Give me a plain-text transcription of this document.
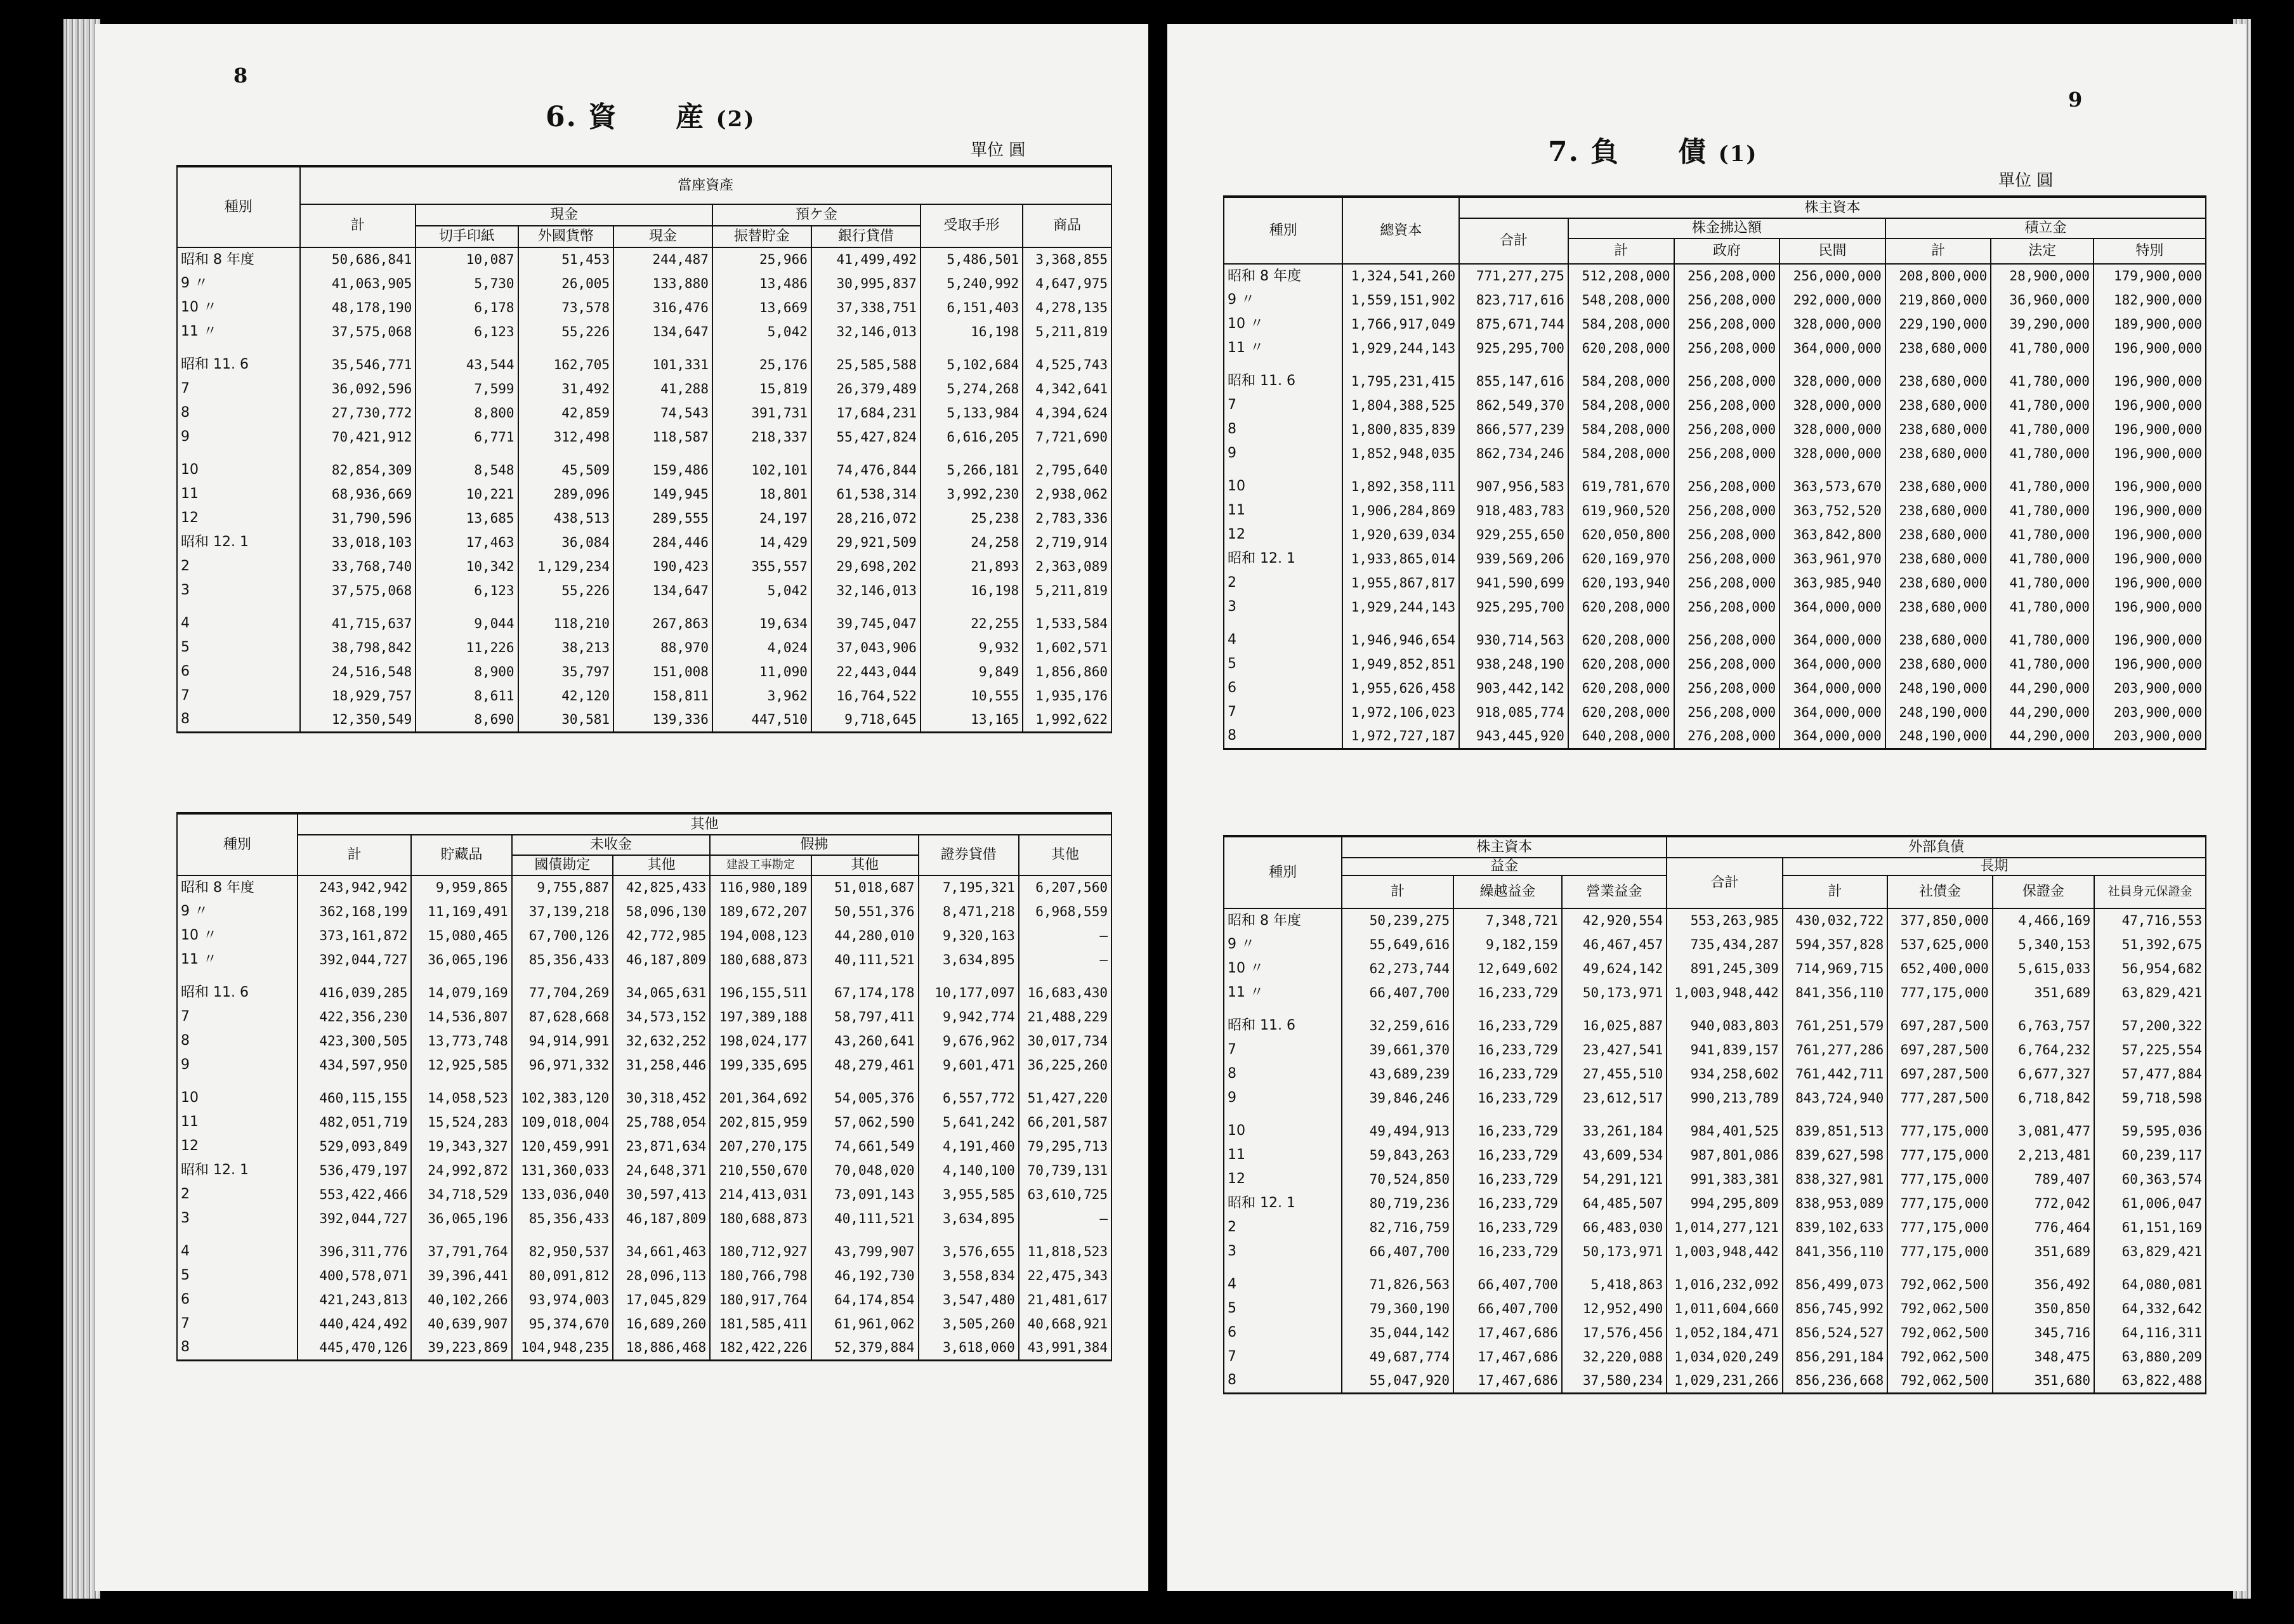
8
6. 資　　産 (2)
單位 圓
種別	當座資產							
	計	現金			預ケ金		受取手形	商品
		切手印紙	外國貨幣	現金	振替貯金	銀行貸借		
昭和 8 年度	50,686,841	10,087	51,453	244,487	25,966	41,499,492	5,486,501	3,368,855
9 〃	41,063,905	5,730	26,005	133,880	13,486	30,995,837	5,240,992	4,647,975
10 〃	48,178,190	6,178	73,578	316,476	13,669	37,338,751	6,151,403	4,278,135
11 〃	37,575,068	6,123	55,226	134,647	5,042	32,146,013	16,198	5,211,819

昭和 11. 6	35,546,771	43,544	162,705	101,331	25,176	25,585,588	5,102,684	4,525,743
7	36,092,596	7,599	31,492	41,288	15,819	26,379,489	5,274,268	4,342,641
8	27,730,772	8,800	42,859	74,543	391,731	17,684,231	5,133,984	4,394,624
9	70,421,912	6,771	312,498	118,587	218,337	55,427,824	6,616,205	7,721,690

10	82,854,309	8,548	45,509	159,486	102,101	74,476,844	5,266,181	2,795,640
11	68,936,669	10,221	289,096	149,945	18,801	61,538,314	3,992,230	2,938,062
12	31,790,596	13,685	438,513	289,555	24,197	28,216,072	25,238	2,783,336
昭和 12. 1	33,018,103	17,463	36,084	284,446	14,429	29,921,509	24,258	2,719,914
2	33,768,740	10,342	1,129,234	190,423	355,557	29,698,202	21,893	2,363,089
3	37,575,068	6,123	55,226	134,647	5,042	32,146,013	16,198	5,211,819

4	41,715,637	9,044	118,210	267,863	19,634	39,745,047	22,255	1,533,584
5	38,798,842	11,226	38,213	88,970	4,024	37,043,906	9,932	1,602,571
6	24,516,548	8,900	35,797	151,008	11,090	22,443,044	9,849	1,856,860
7	18,929,757	8,611	42,120	158,811	3,962	16,764,522	10,555	1,935,176
8	12,350,549	8,690	30,581	139,336	447,510	9,718,645	13,165	1,992,622
種別	其他							
	計	貯藏品	未收金		假拂		證券貸借	其他
			國債勘定	其他	建設工事勘定	其他		
昭和 8 年度	243,942,942	9,959,865	9,755,887	42,825,433	116,980,189	51,018,687	7,195,321	6,207,560
9 〃	362,168,199	11,169,491	37,139,218	58,096,130	189,672,207	50,551,376	8,471,218	6,968,559
10 〃	373,161,872	15,080,465	67,700,126	42,772,985	194,008,123	44,280,010	9,320,163	—
11 〃	392,044,727	36,065,196	85,356,433	46,187,809	180,688,873	40,111,521	3,634,895	—

昭和 11. 6	416,039,285	14,079,169	77,704,269	34,065,631	196,155,511	67,174,178	10,177,097	16,683,430
7	422,356,230	14,536,807	87,628,668	34,573,152	197,389,188	58,797,411	9,942,774	21,488,229
8	423,300,505	13,773,748	94,914,991	32,632,252	198,024,177	43,260,641	9,676,962	30,017,734
9	434,597,950	12,925,585	96,971,332	31,258,446	199,335,695	48,279,461	9,601,471	36,225,260

10	460,115,155	14,058,523	102,383,120	30,318,452	201,364,692	54,005,376	6,557,772	51,427,220
11	482,051,719	15,524,283	109,018,004	25,788,054	202,815,959	57,062,590	5,641,242	66,201,587
12	529,093,849	19,343,327	120,459,991	23,871,634	207,270,175	74,661,549	4,191,460	79,295,713
昭和 12. 1	536,479,197	24,992,872	131,360,033	24,648,371	210,550,670	70,048,020	4,140,100	70,739,131
2	553,422,466	34,718,529	133,036,040	30,597,413	214,413,031	73,091,143	3,955,585	63,610,725
3	392,044,727	36,065,196	85,356,433	46,187,809	180,688,873	40,111,521	3,634,895	—

4	396,311,776	37,791,764	82,950,537	34,661,463	180,712,927	43,799,907	3,576,655	11,818,523
5	400,578,071	39,396,441	80,091,812	28,096,113	180,766,798	46,192,730	3,558,834	22,475,343
6	421,243,813	40,102,266	93,974,003	17,045,829	180,917,764	64,174,854	3,547,480	21,481,617
7	440,424,492	40,639,907	95,374,670	16,689,260	181,585,411	61,961,062	3,505,260	40,668,921
8	445,470,126	39,223,869	104,948,235	18,886,468	182,422,226	52,379,884	3,618,060	43,991,384
9
7. 負　　債 (1)
單位 圓
種別	總資本	株主資本						
		合計	株金拂込額			積立金		
			計	政府	民間	計	法定	特別
昭和 8 年度	1,324,541,260	771,277,275	512,208,000	256,208,000	256,000,000	208,800,000	28,900,000	179,900,000
9 〃	1,559,151,902	823,717,616	548,208,000	256,208,000	292,000,000	219,860,000	36,960,000	182,900,000
10 〃	1,766,917,049	875,671,744	584,208,000	256,208,000	328,000,000	229,190,000	39,290,000	189,900,000
11 〃	1,929,244,143	925,295,700	620,208,000	256,208,000	364,000,000	238,680,000	41,780,000	196,900,000

昭和 11. 6	1,795,231,415	855,147,616	584,208,000	256,208,000	328,000,000	238,680,000	41,780,000	196,900,000
7	1,804,388,525	862,549,370	584,208,000	256,208,000	328,000,000	238,680,000	41,780,000	196,900,000
8	1,800,835,839	866,577,239	584,208,000	256,208,000	328,000,000	238,680,000	41,780,000	196,900,000
9	1,852,948,035	862,734,246	584,208,000	256,208,000	328,000,000	238,680,000	41,780,000	196,900,000

10	1,892,358,111	907,956,583	619,781,670	256,208,000	363,573,670	238,680,000	41,780,000	196,900,000
11	1,906,284,869	918,483,783	619,960,520	256,208,000	363,752,520	238,680,000	41,780,000	196,900,000
12	1,920,639,034	929,255,650	620,050,800	256,208,000	363,842,800	238,680,000	41,780,000	196,900,000
昭和 12. 1	1,933,865,014	939,569,206	620,169,970	256,208,000	363,961,970	238,680,000	41,780,000	196,900,000
2	1,955,867,817	941,590,699	620,193,940	256,208,000	363,985,940	238,680,000	41,780,000	196,900,000
3	1,929,244,143	925,295,700	620,208,000	256,208,000	364,000,000	238,680,000	41,780,000	196,900,000

4	1,946,946,654	930,714,563	620,208,000	256,208,000	364,000,000	238,680,000	41,780,000	196,900,000
5	1,949,852,851	938,248,190	620,208,000	256,208,000	364,000,000	238,680,000	41,780,000	196,900,000
6	1,955,626,458	903,442,142	620,208,000	256,208,000	364,000,000	248,190,000	44,290,000	203,900,000
7	1,972,106,023	918,085,774	620,208,000	256,208,000	364,000,000	248,190,000	44,290,000	203,900,000
8	1,972,727,187	943,445,920	640,208,000	276,208,000	364,000,000	248,190,000	44,290,000	203,900,000
種別	株主資本			外部負債				
	益金			合計	長期			
	計	繰越益金	營業益金		計	社債金	保證金	社員身元保證金
昭和 8 年度	50,239,275	7,348,721	42,920,554	553,263,985	430,032,722	377,850,000	4,466,169	47,716,553
9 〃	55,649,616	9,182,159	46,467,457	735,434,287	594,357,828	537,625,000	5,340,153	51,392,675
10 〃	62,273,744	12,649,602	49,624,142	891,245,309	714,969,715	652,400,000	5,615,033	56,954,682
11 〃	66,407,700	16,233,729	50,173,971	1,003,948,442	841,356,110	777,175,000	351,689	63,829,421

昭和 11. 6	32,259,616	16,233,729	16,025,887	940,083,803	761,251,579	697,287,500	6,763,757	57,200,322
7	39,661,370	16,233,729	23,427,541	941,839,157	761,277,286	697,287,500	6,764,232	57,225,554
8	43,689,239	16,233,729	27,455,510	934,258,602	761,442,711	697,287,500	6,677,327	57,477,884
9	39,846,246	16,233,729	23,612,517	990,213,789	843,724,940	777,287,500	6,718,842	59,718,598

10	49,494,913	16,233,729	33,261,184	984,401,525	839,851,513	777,175,000	3,081,477	59,595,036
11	59,843,263	16,233,729	43,609,534	987,801,086	839,627,598	777,175,000	2,213,481	60,239,117
12	70,524,850	16,233,729	54,291,121	991,383,381	838,327,981	777,175,000	789,407	60,363,574
昭和 12. 1	80,719,236	16,233,729	64,485,507	994,295,809	838,953,089	777,175,000	772,042	61,006,047
2	82,716,759	16,233,729	66,483,030	1,014,277,121	839,102,633	777,175,000	776,464	61,151,169
3	66,407,700	16,233,729	50,173,971	1,003,948,442	841,356,110	777,175,000	351,689	63,829,421

4	71,826,563	66,407,700	5,418,863	1,016,232,092	856,499,073	792,062,500	356,492	64,080,081
5	79,360,190	66,407,700	12,952,490	1,011,604,660	856,745,992	792,062,500	350,850	64,332,642
6	35,044,142	17,467,686	17,576,456	1,052,184,471	856,524,527	792,062,500	345,716	64,116,311
7	49,687,774	17,467,686	32,220,088	1,034,020,249	856,291,184	792,062,500	348,475	63,880,209
8	55,047,920	17,467,686	37,580,234	1,029,231,266	856,236,668	792,062,500	351,680	63,822,488
